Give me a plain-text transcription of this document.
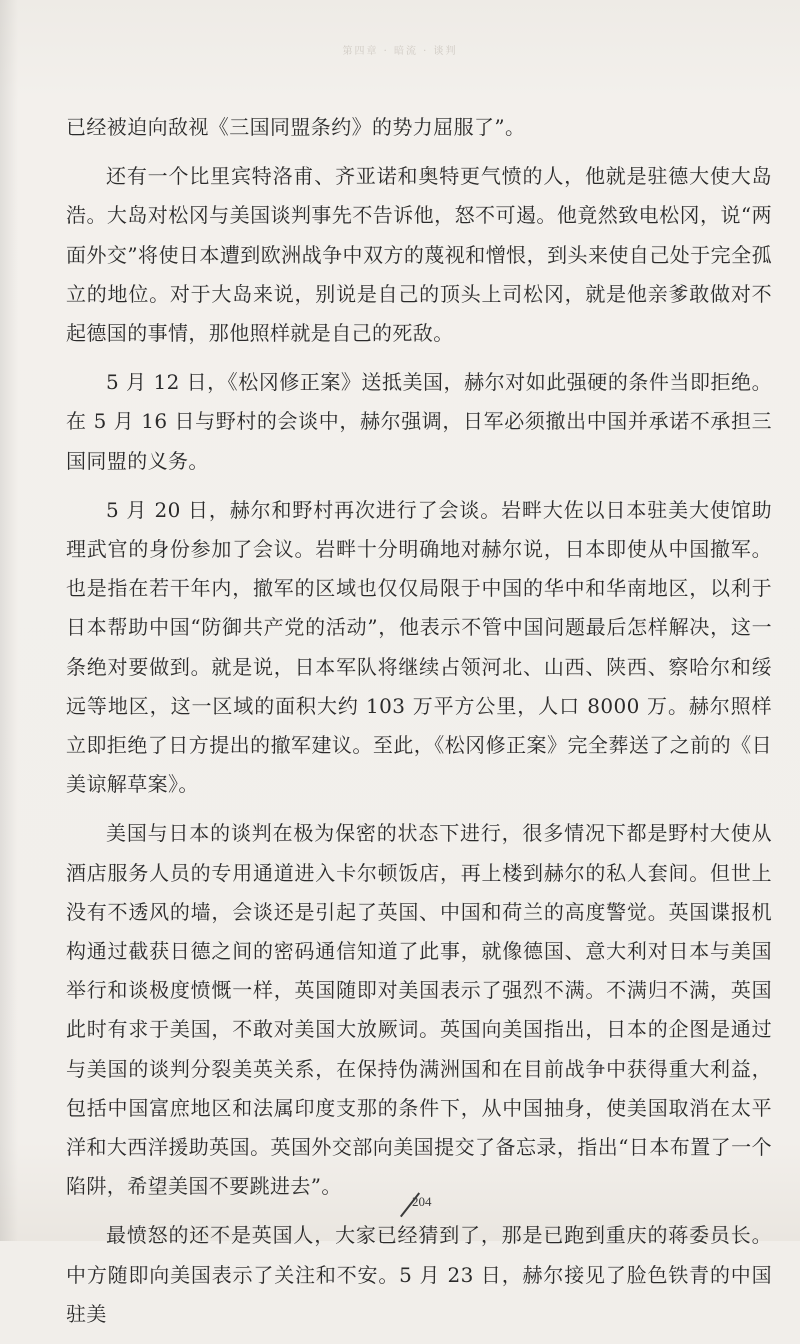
第四章 · 暗流 · 谈判

已经被迫向敌视《三国同盟条约》的势力屈服了”。

还有一个比里宾特洛甫、齐亚诺和奥特更气愤的人，他就是驻德大使大岛浩。大岛对松冈与美国谈判事先不告诉他，怒不可遏。他竟然致电松冈，说“两面外交”将使日本遭到欧洲战争中双方的蔑视和憎恨，到头来使自己处于完全孤立的地位。对于大岛来说，别说是自己的顶头上司松冈，就是他亲爹敢做对不起德国的事情，那他照样就是自己的死敌。

5 月 12 日，《松冈修正案》送抵美国，赫尔对如此强硬的条件当即拒绝。在 5 月 16 日与野村的会谈中，赫尔强调，日军必须撤出中国并承诺不承担三国同盟的义务。

5 月 20 日，赫尔和野村再次进行了会谈。岩畔大佐以日本驻美大使馆助理武官的身份参加了会议。岩畔十分明确地对赫尔说，日本即使从中国撤军。也是指在若干年内，撤军的区域也仅仅局限于中国的华中和华南地区，以利于日本帮助中国“防御共产党的活动”，他表示不管中国问题最后怎样解决，这一条绝对要做到。就是说，日本军队将继续占领河北、山西、陕西、察哈尔和绥远等地区，这一区域的面积大约 103 万平方公里，人口 8000 万。赫尔照样立即拒绝了日方提出的撤军建议。至此，《松冈修正案》完全葬送了之前的《日美谅解草案》。

美国与日本的谈判在极为保密的状态下进行，很多情况下都是野村大使从酒店服务人员的专用通道进入卡尔顿饭店，再上楼到赫尔的私人套间。但世上没有不透风的墙，会谈还是引起了英国、中国和荷兰的高度警觉。英国谍报机构通过截获日德之间的密码通信知道了此事，就像德国、意大利对日本与美国举行和谈极度愤慨一样，英国随即对美国表示了强烈不满。不满归不满，英国此时有求于美国，不敢对美国大放厥词。英国向美国指出，日本的企图是通过与美国的谈判分裂美英关系，在保持伪满洲国和在目前战争中获得重大利益，包括中国富庶地区和法属印度支那的条件下，从中国抽身，使美国取消在太平洋和大西洋援助英国。英国外交部向美国提交了备忘录，指出“日本布置了一个陷阱，希望美国不要跳进去”。

最愤怒的还不是英国人，大家已经猜到了，那是已跑到重庆的蒋委员长。中方随即向美国表示了关注和不安。5 月 23 日，赫尔接见了脸色铁青的中国驻美

204
